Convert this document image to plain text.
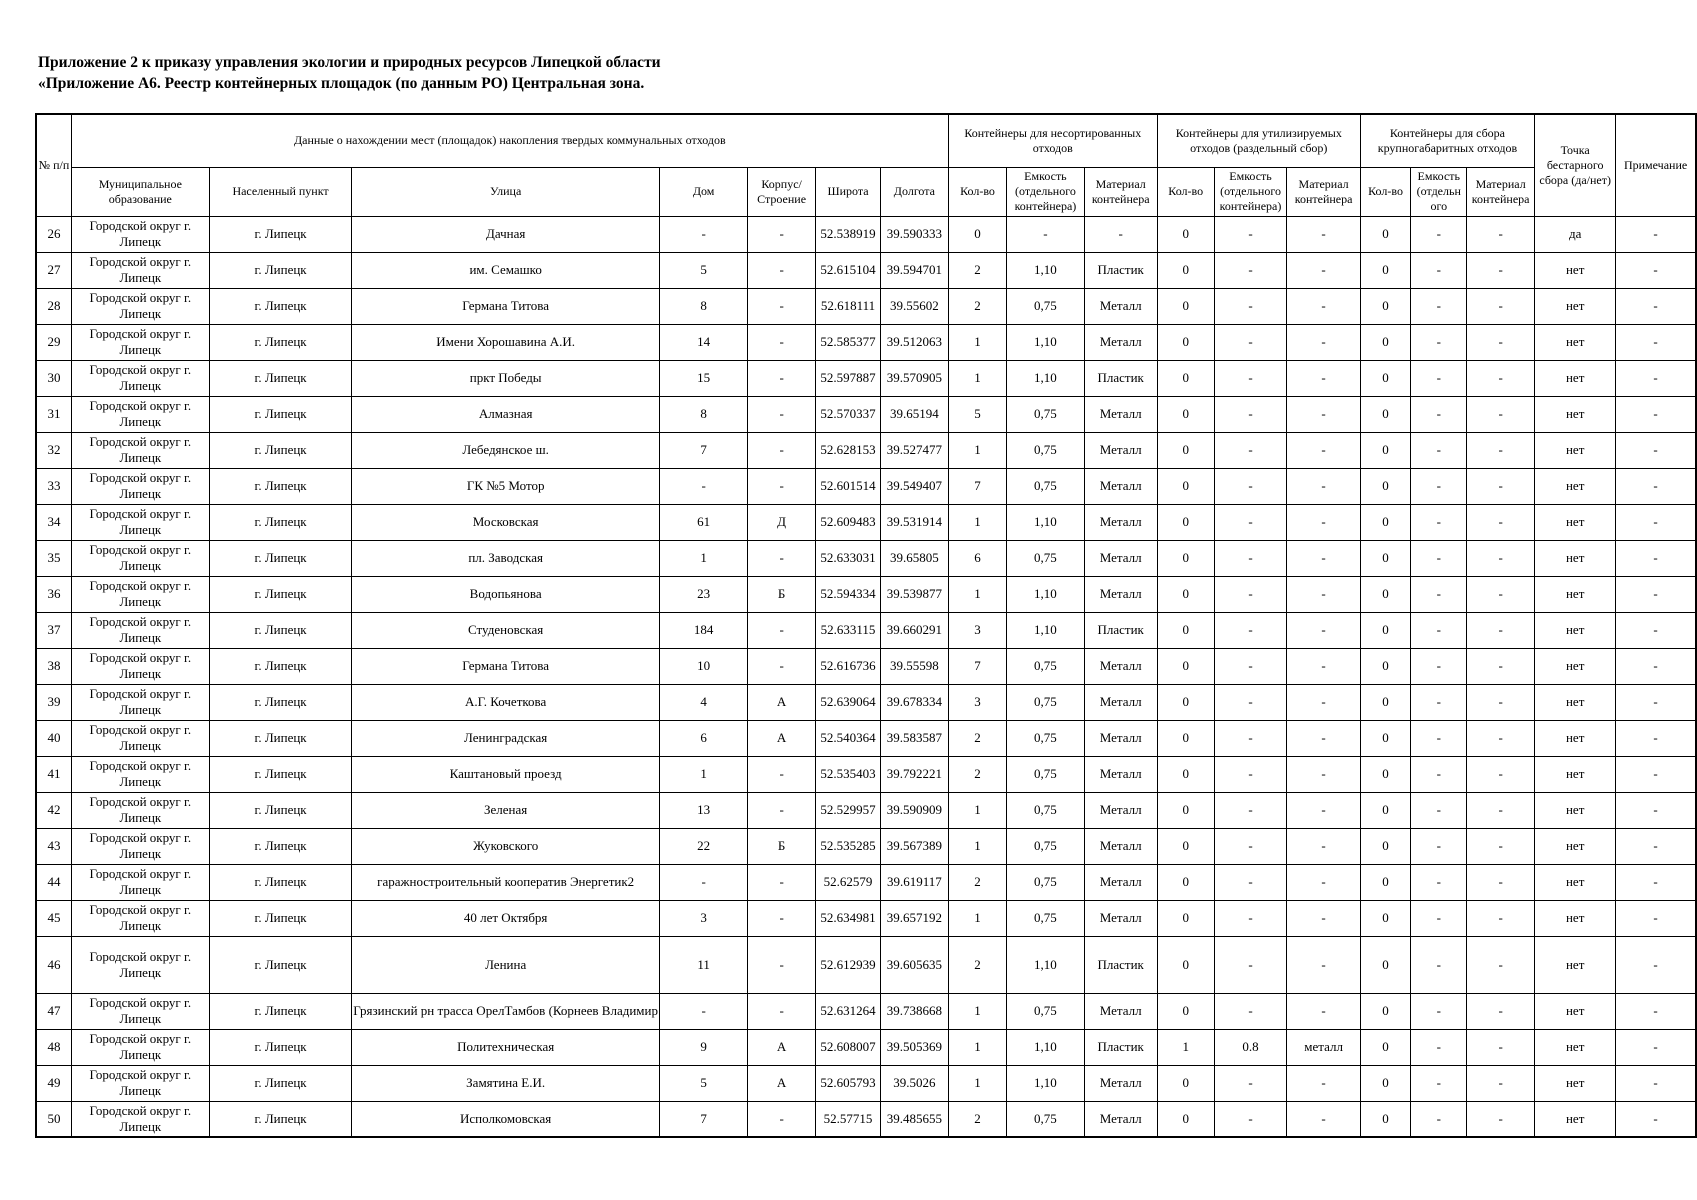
Приложение 2 к приказу управления экологии и природных ресурсов Липецкой области
«Приложение А6. Реестр контейнерных площадок (по данным РО) Центральная зона.
№ п/п	Данные о нахождении мест (площадок) накопления твердых коммунальных отходов							Контейнеры для несортированных отходов			Контейнеры для утилизируемых отходов (раздельный сбор)			Контейнеры для сбора крупногабаритных отходов			Точка бестарного сбора (да/нет)	Примечание
	Муниципальное образование	Населенный пункт	Улица	Дом	Корпус/ Строение	Широта	Долгота	Кол-во	Емкость (отдельного контейнера)	Материал контейнера	Кол-во	Емкость (отдельного контейнера)	Материал контейнера	Кол-во	Емкость (отдельн ого	Материал контейнера		
26	Городской округ г. Липецк	г. Липецк	Дачная	-	-	52.538919	39.590333	0	-	-	0	-	-	0	-	-	да	-
27	Городской округ г. Липецк	г. Липецк	им. Семашко	5	-	52.615104	39.594701	2	1,10	Пластик	0	-	-	0	-	-	нет	-
28	Городской округ г. Липецк	г. Липецк	Германа Титова	8	-	52.618111	39.55602	2	0,75	Металл	0	-	-	0	-	-	нет	-
29	Городской округ г. Липецк	г. Липецк	Имени Хорошавина А.И.	14	-	52.585377	39.512063	1	1,10	Металл	0	-	-	0	-	-	нет	-
30	Городской округ г. Липецк	г. Липецк	пркт Победы	15	-	52.597887	39.570905	1	1,10	Пластик	0	-	-	0	-	-	нет	-
31	Городской округ г. Липецк	г. Липецк	Алмазная	8	-	52.570337	39.65194	5	0,75	Металл	0	-	-	0	-	-	нет	-
32	Городской округ г. Липецк	г. Липецк	Лебедянское ш.	7	-	52.628153	39.527477	1	0,75	Металл	0	-	-	0	-	-	нет	-
33	Городской округ г. Липецк	г. Липецк	ГК №5 Мотор	-	-	52.601514	39.549407	7	0,75	Металл	0	-	-	0	-	-	нет	-
34	Городской округ г. Липецк	г. Липецк	Московская	61	Д	52.609483	39.531914	1	1,10	Металл	0	-	-	0	-	-	нет	-
35	Городской округ г. Липецк	г. Липецк	пл. Заводская	1	-	52.633031	39.65805	6	0,75	Металл	0	-	-	0	-	-	нет	-
36	Городской округ г. Липецк	г. Липецк	Водопьянова	23	Б	52.594334	39.539877	1	1,10	Металл	0	-	-	0	-	-	нет	-
37	Городской округ г. Липецк	г. Липецк	Студеновская	184	-	52.633115	39.660291	3	1,10	Пластик	0	-	-	0	-	-	нет	-
38	Городской округ г. Липецк	г. Липецк	Германа Титова	10	-	52.616736	39.55598	7	0,75	Металл	0	-	-	0	-	-	нет	-
39	Городской округ г. Липецк	г. Липецк	А.Г. Кочеткова	4	А	52.639064	39.678334	3	0,75	Металл	0	-	-	0	-	-	нет	-
40	Городской округ г. Липецк	г. Липецк	Ленинградская	6	А	52.540364	39.583587	2	0,75	Металл	0	-	-	0	-	-	нет	-
41	Городской округ г. Липецк	г. Липецк	Каштановый проезд	1	-	52.535403	39.792221	2	0,75	Металл	0	-	-	0	-	-	нет	-
42	Городской округ г. Липецк	г. Липецк	Зеленая	13	-	52.529957	39.590909	1	0,75	Металл	0	-	-	0	-	-	нет	-
43	Городской округ г. Липецк	г. Липецк	Жуковского	22	Б	52.535285	39.567389	1	0,75	Металл	0	-	-	0	-	-	нет	-
44	Городской округ г. Липецк	г. Липецк	гаражностроительный кооператив Энергетик2	-	-	52.62579	39.619117	2	0,75	Металл	0	-	-	0	-	-	нет	-
45	Городской округ г. Липецк	г. Липецк	40 лет Октября	3	-	52.634981	39.657192	1	0,75	Металл	0	-	-	0	-	-	нет	-
46	Городской округ г. Липецк	г. Липецк	Ленина	11	-	52.612939	39.605635	2	1,10	Пластик	0	-	-	0	-	-	нет	-
47	Городской округ г. Липецк	г. Липецк	Грязинский рн трасса ОрелТамбов (Корнеев Владимир	-	-	52.631264	39.738668	1	0,75	Металл	0	-	-	0	-	-	нет	-
48	Городской округ г. Липецк	г. Липецк	Политехническая	9	А	52.608007	39.505369	1	1,10	Пластик	1	0.8	металл	0	-	-	нет	-
49	Городской округ г. Липецк	г. Липецк	Замятина Е.И.	5	А	52.605793	39.5026	1	1,10	Металл	0	-	-	0	-	-	нет	-
50	Городской округ г. Липецк	г. Липецк	Исполкомовская	7	-	52.57715	39.485655	2	0,75	Металл	0	-	-	0	-	-	нет	-
